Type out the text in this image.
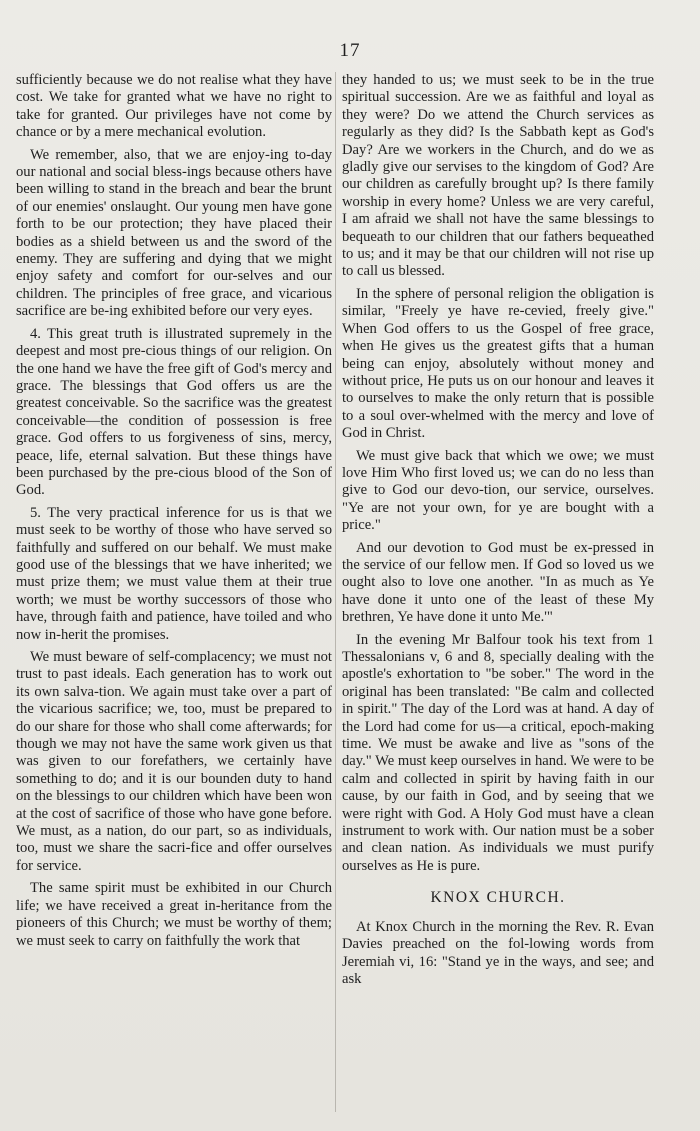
17

sufficiently because we do not realise what they have cost. We take for granted what we have no right to take for granted. Our privileges have not come by chance or by a mere mechanical evolution.

We remember, also, that we are enjoy-ing to-day our national and social bless-ings because others have been willing to stand in the breach and bear the brunt of our enemies' onslaught. Our young men have gone forth to be our protection; they have placed their bodies as a shield between us and the sword of the enemy. They are suffering and dying that we might enjoy safety and comfort for our-selves and our children. The principles of free grace, and vicarious sacrifice are be-ing exhibited before our very eyes.

4. This great truth is illustrated supremely in the deepest and most pre-cious things of our religion. On the one hand we have the free gift of God's mercy and grace. The blessings that God offers us are the greatest conceivable. So the sacrifice was the greatest conceivable—the condition of possession is free grace. God offers to us forgiveness of sins, mercy, peace, life, eternal salvation. But these things have been purchased by the pre-cious blood of the Son of God.

5. The very practical inference for us is that we must seek to be worthy of those who have served so faithfully and suffered on our behalf. We must make good use of the blessings that we have inherited; we must prize them; we must value them at their true worth; we must be worthy successors of those who have, through faith and patience, have toiled and who now in-herit the promises.

We must beware of self-complacency; we must not trust to past ideals. Each generation has to work out its own salva-tion. We again must take over a part of the vicarious sacrifice; we, too, must be prepared to do our share for those who shall come afterwards; for though we may not have the same work given us that was given to our forefathers, we certainly have something to do; and it is our bounden duty to hand on the blessings to our children which have been won at the cost of sacrifice of those who have gone before. We must, as a nation, do our part, so as individuals, too, must we share the sacri-fice and offer ourselves for service.

The same spirit must be exhibited in our Church life; we have received a great in-heritance from the pioneers of this Church; we must be worthy of them; we must seek to carry on faithfully the work that

they handed to us; we must seek to be in the true spiritual succession. Are we as faithful and loyal as they were? Do we attend the Church services as regularly as they did? Is the Sabbath kept as God's Day? Are we workers in the Church, and do we as gladly give our servises to the kingdom of God? Are our children as carefully brought up? Is there family worship in every home? Unless we are very careful, I am afraid we shall not have the same blessings to bequeath to our children that our fathers bequeathed to us; and it may be that our children will not rise up to call us blessed.

In the sphere of personal religion the obligation is similar, "Freely ye have re-cevied, freely give." When God offers to us the Gospel of free grace, when He gives us the greatest gifts that a human being can enjoy, absolutely without money and without price, He puts us on our honour and leaves it to ourselves to make the only return that is possible to a soul over-whelmed with the mercy and love of God in Christ.

We must give back that which we owe; we must love Him Who first loved us; we can do no less than give to God our devo-tion, our service, ourselves. "Ye are not your own, for ye are bought with a price."

And our devotion to God must be ex-pressed in the service of our fellow men. If God so loved us we ought also to love one another. "In as much as Ye have done it unto one of the least of these My brethren, Ye have done it unto Me.'"

In the evening Mr Balfour took his text from 1 Thessalonians v, 6 and 8, specially dealing with the apostle's exhortation to "be sober." The word in the original has been translated: "Be calm and collected in spirit." The day of the Lord was at hand. A day of the Lord had come for us—a critical, epoch-making time. We must be awake and live as "sons of the day." We must keep ourselves in hand. We were to be calm and collected in spirit by having faith in our cause, by our faith in God, and by seeing that we were right with God. A Holy God must have a clean instrument to work with. Our nation must be a sober and clean nation. As individuals we must purify ourselves as He is pure.

KNOX CHURCH.

At Knox Church in the morning the Rev. R. Evan Davies preached on the fol-lowing words from Jeremiah vi, 16: "Stand ye in the ways, and see; and ask
